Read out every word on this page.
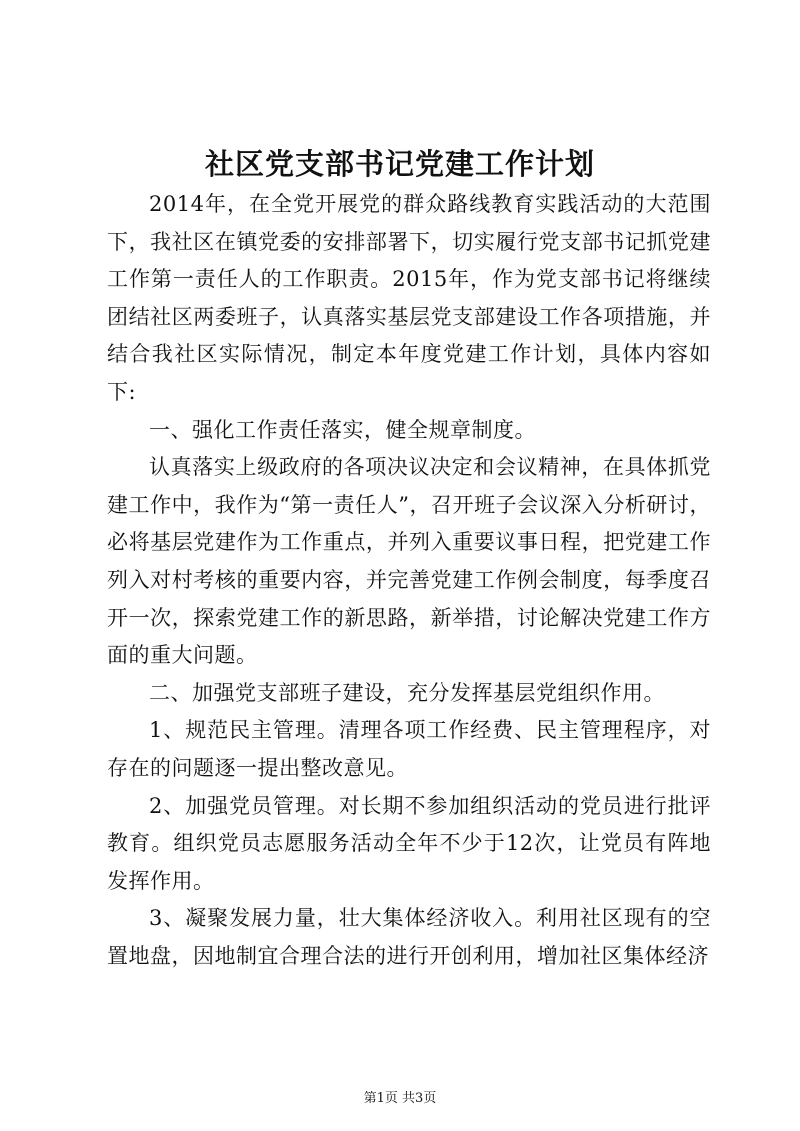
社区党支部书记党建工作计划

2014年，在全党开展党的群众路线教育实践活动的大范围下，我社区在镇党委的安排部署下，切实履行党支部书记抓党建工作第一责任人的工作职责。2015年，作为党支部书记将继续团结社区两委班子，认真落实基层党支部建设工作各项措施，并结合我社区实际情况，制定本年度党建工作计划，具体内容如下:

一、强化工作责任落实，健全规章制度。

认真落实上级政府的各项决议决定和会议精神，在具体抓党建工作中，我作为“第一责任人”，召开班子会议深入分析研讨，必将基层党建作为工作重点，并列入重要议事日程，把党建工作列入对村考核的重要内容，并完善党建工作例会制度，每季度召开一次，探索党建工作的新思路，新举措，讨论解决党建工作方面的重大问题。

二、加强党支部班子建设，充分发挥基层党组织作用。

1、规范民主管理。清理各项工作经费、民主管理程序，对存在的问题逐一提出整改意见。

2、加强党员管理。对长期不参加组织活动的党员进行批评教育。组织党员志愿服务活动全年不少于12次，让党员有阵地发挥作用。

3、凝聚发展力量，壮大集体经济收入。利用社区现有的空置地盘，因地制宜合理合法的进行开创利用，增加社区集体经济

第1页 共3页
